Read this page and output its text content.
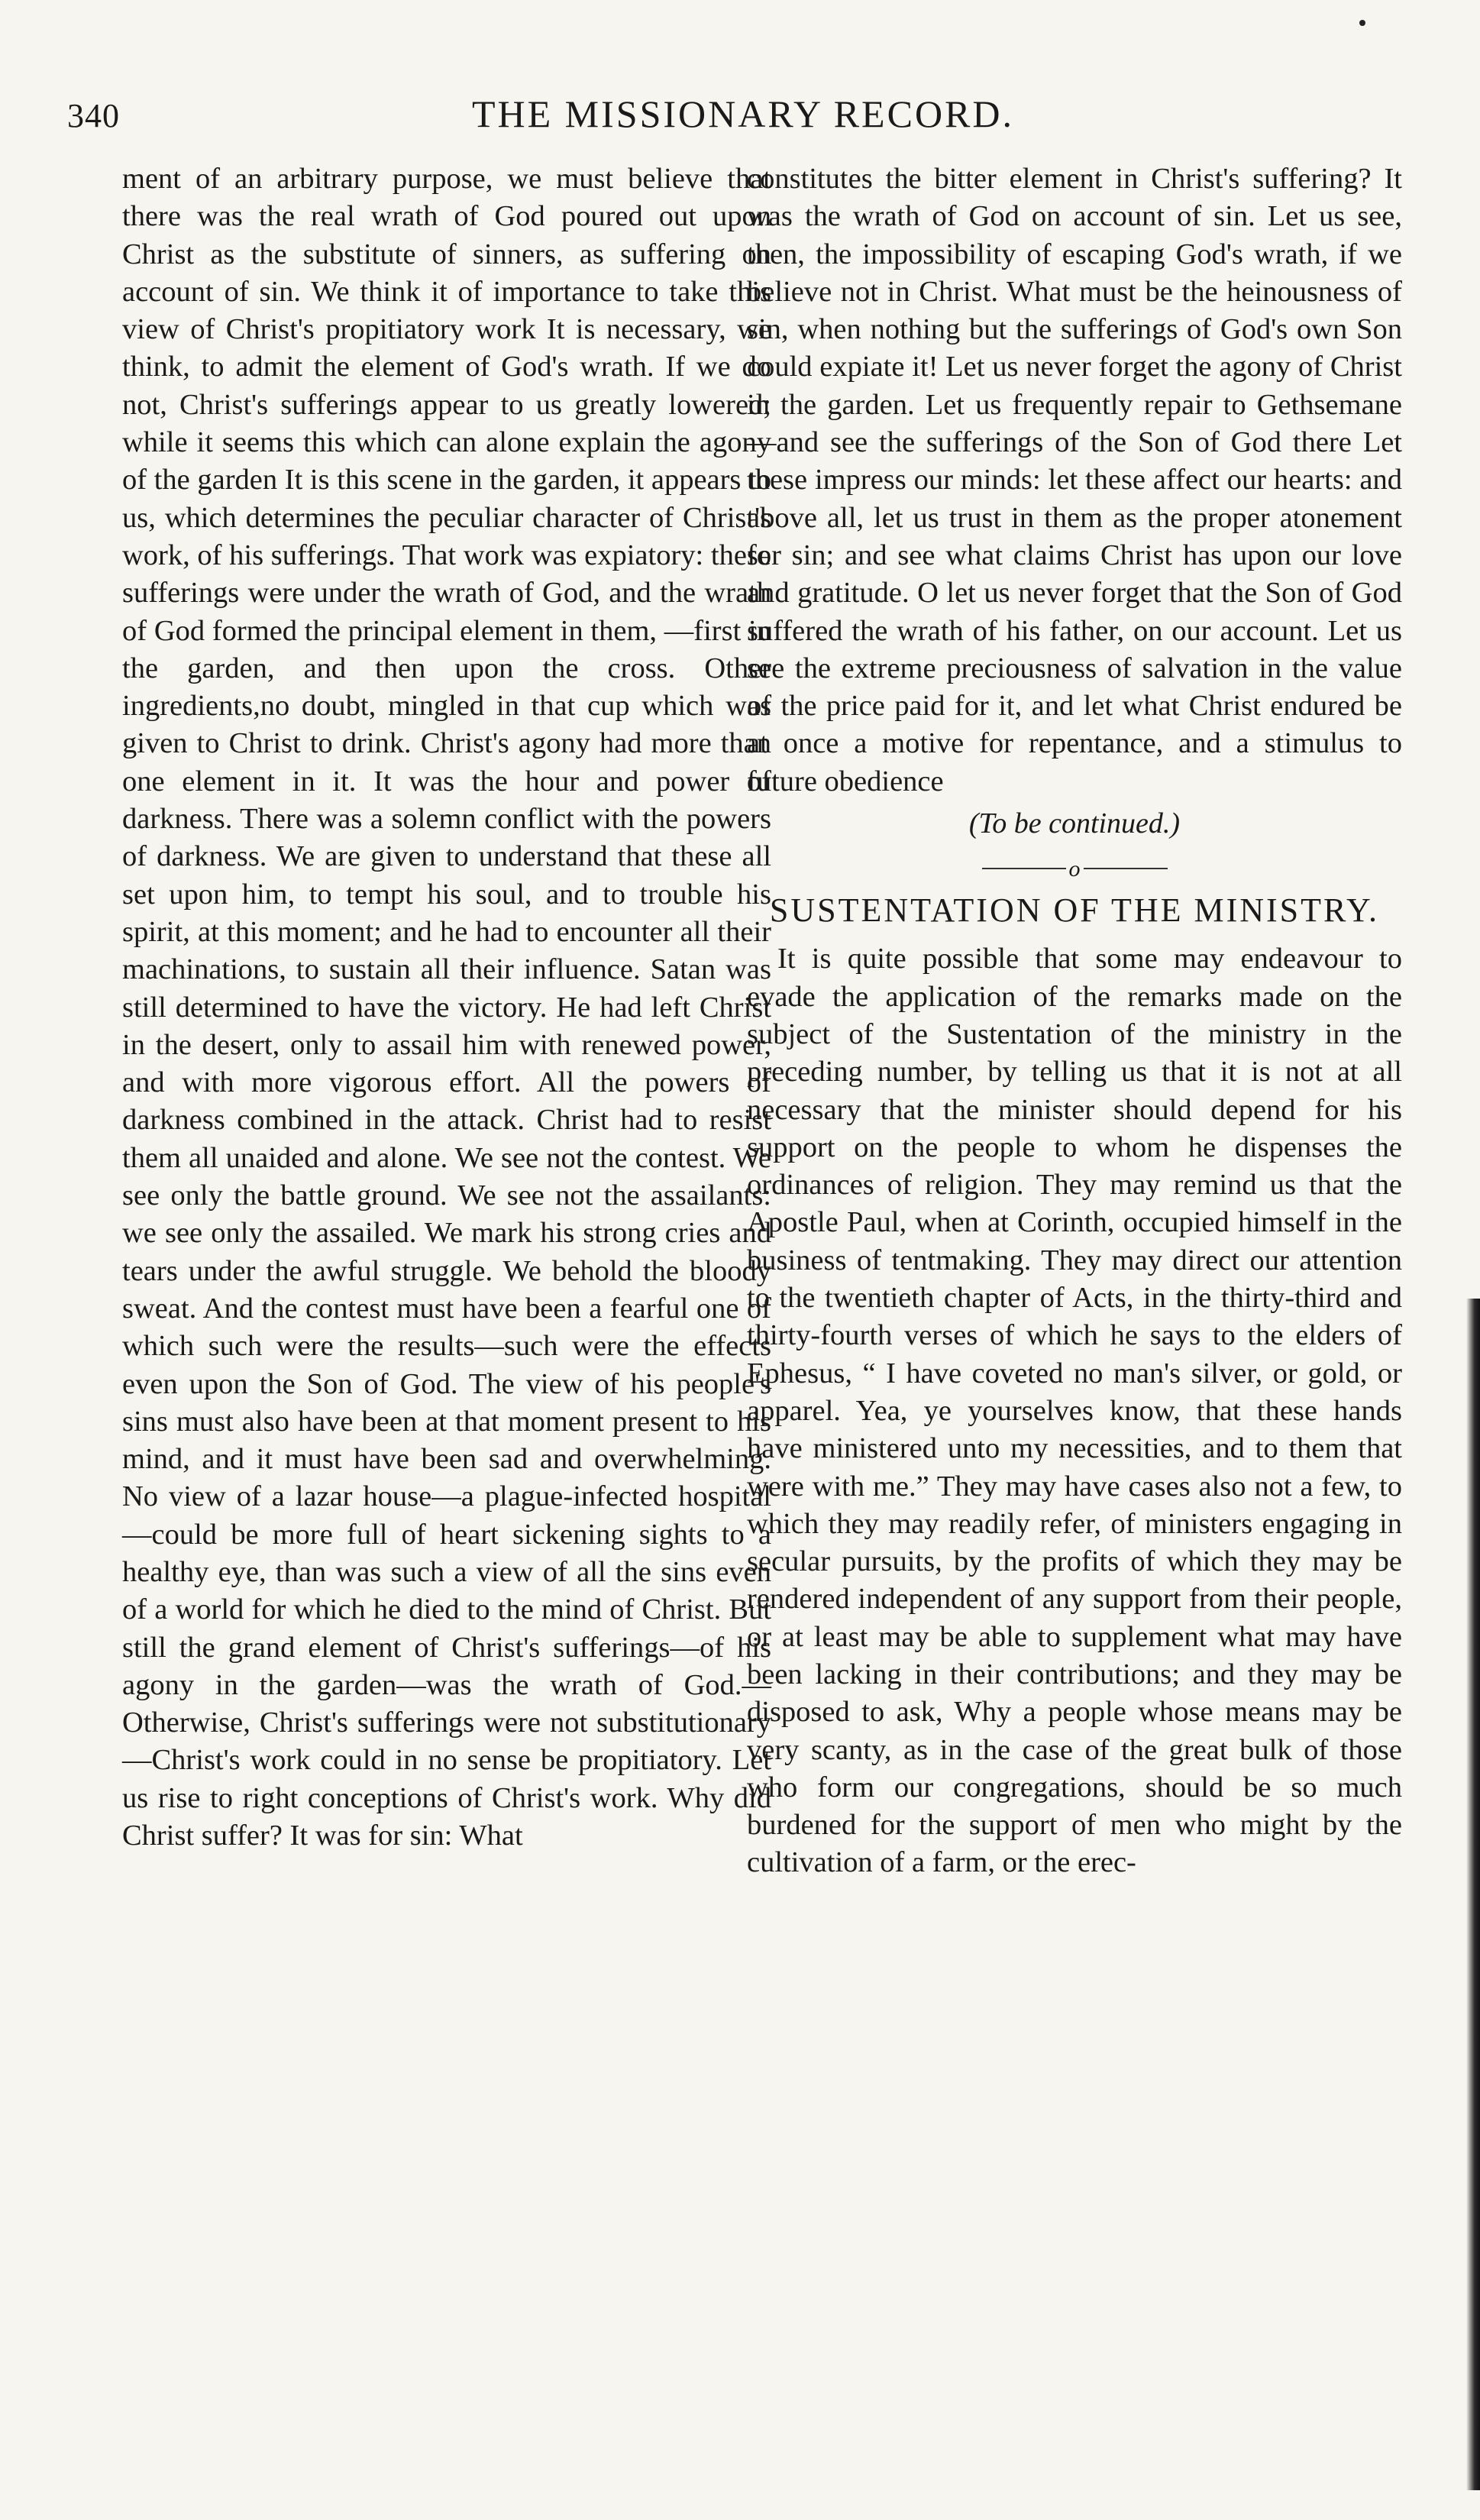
340	THE MISSIONARY RECORD.

ment of an arbitrary purpose, we must believe that there was the real wrath of God poured out upon Christ as the substitute of sinners, as suffering on account of sin. We think it of importance to take this view of Christ's propitiatory work It is necessary, we think, to admit the element of God's wrath. If we do not, Christ's sufferings appear to us greatly lowered; while it seems this which can alone explain the agony of the garden It is this scene in the garden, it appears to us, which determines the peculiar character of Christ's work, of his sufferings. That work was expiatory: these sufferings were under the wrath of God, and the wrath of God formed the principal element in them, —first in the garden, and then upon the cross. Other ingredients,no doubt, mingled in that cup which was given to Christ to drink. Christ's agony had more than one element in it. It was the hour and power of darkness. There was a solemn conflict with the powers of darkness. We are given to understand that these all set upon him, to tempt his soul, and to trouble his spirit, at this moment; and he had to encounter all their machinations, to sustain all their influence. Satan was still determined to have the victory. He had left Christ in the desert, only to assail him with renewed power, and with more vigorous effort. All the powers of darkness combined in the attack. Christ had to resist them all unaided and alone. We see not the contest. We see only the battle ground. We see not the assailants: we see only the assailed. We mark his strong cries and tears under the awful struggle. We behold the bloody sweat. And the contest must have been a fearful one of which such were the results—such were the effects even upon the Son of God. The view of his people's sins must also have been at that moment present to his mind, and it must have been sad and overwhelming. No view of a lazar house—a plague-infected hospital—could be more full of heart sickening sights to a healthy eye, than was such a view of all the sins even of a world for which he died to the mind of Christ. But still the grand element of Christ's sufferings—of his agony in the garden—was the wrath of God.—Otherwise, Christ's sufferings were not substitutionary—Christ's work could in no sense be propitiatory. Let us rise to right conceptions of Christ's work. Why did Christ suffer? It was for sin: What

constitutes the bitter element in Christ's suffering? It was the wrath of God on account of sin. Let us see, then, the impossibility of escaping God's wrath, if we believe not in Christ. What must be the heinousness of sin, when nothing but the sufferings of God's own Son could expiate it! Let us never forget the agony of Christ in the garden. Let us frequently repair to Gethsemane—and see the sufferings of the Son of God there Let these impress our minds: let these affect our hearts: and above all, let us trust in them as the proper atonement for sin; and see what claims Christ has upon our love and gratitude. O let us never forget that the Son of God suffered the wrath of his father, on our account. Let us see the extreme preciousness of salvation in the value of the price paid for it, and let what Christ endured be at once a motive for repentance, and a stimulus to future obedience

(To be continued.)
o
SUSTENTATION OF THE MINISTRY.

It is quite possible that some may endeavour to evade the application of the remarks made on the subject of the Sustentation of the ministry in the preceding number, by telling us that it is not at all necessary that the minister should depend for his support on the people to whom he dispenses the ordinances of religion. They may remind us that the Apostle Paul, when at Corinth, occupied himself in the business of tentmaking. They may direct our attention to the twentieth chapter of Acts, in the thirty-third and thirty-fourth verses of which he says to the elders of Ephesus, “ I have coveted no man's silver, or gold, or apparel. Yea, ye yourselves know, that these hands have ministered unto my necessities, and to them that were with me.” They may have cases also not a few, to which they may readily refer, of ministers engaging in secular pursuits, by the profits of which they may be rendered independent of any support from their people, or at least may be able to supplement what may have been lacking in their contributions; and they may be disposed to ask, Why a people whose means may be very scanty, as in the case of the great bulk of those who form our congregations, should be so much burdened for the support of men who might by the cultivation of a farm, or the erec-
